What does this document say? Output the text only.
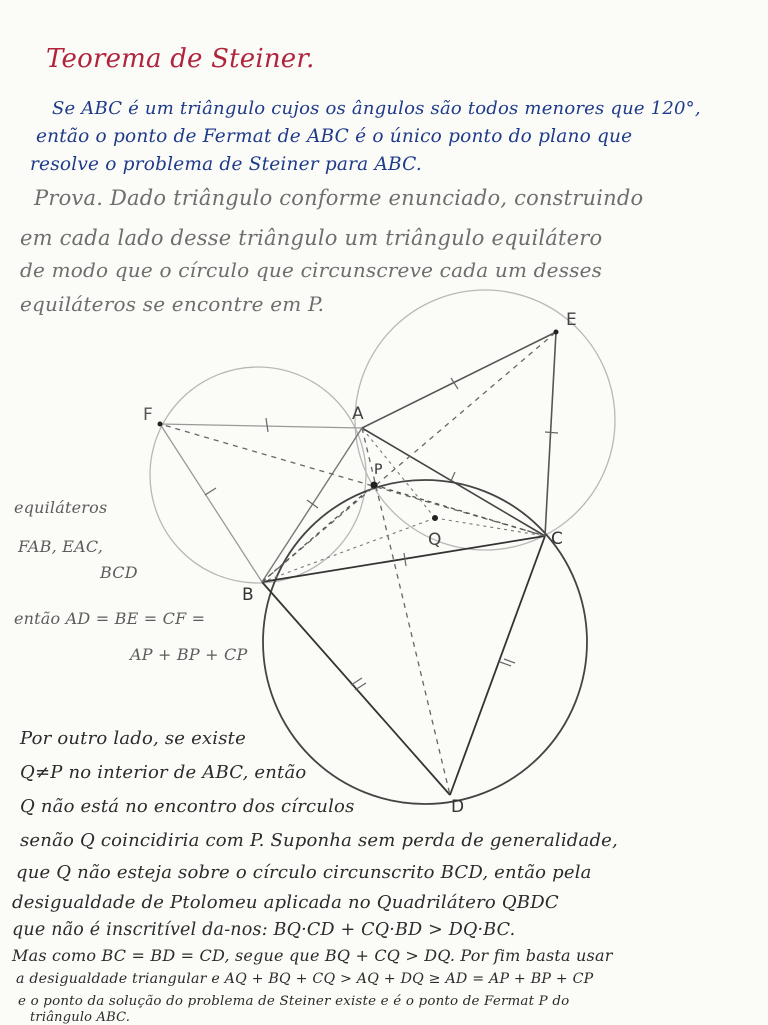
Teorema de Steiner.
Se ABC é um triângulo cujos os ângulos são todos menores que 120°,
então o ponto de Fermat de ABC é o único ponto do plano que
resolve o problema de Steiner para ABC.
Prova. Dado triângulo conforme enunciado, construindo
em cada lado desse triângulo um triângulo equilátero
de modo que o círculo que circunscreve cada um desses
equiláteros se encontre em P.
A
B
C
D
E
F
P
Q
equiláteros
FAB, EAC,
BCD
então AD = BE = CF =
AP + BP + CP
Por outro lado, se existe
Q≠P no interior de ABC, então
Q não está no encontro dos círculos
senão Q coincidiria com P. Suponha sem perda de generalidade,
que Q não esteja sobre o círculo circunscrito BCD, então pela
desigualdade de Ptolomeu aplicada no Quadrilátero QBDC
que não é inscritível da-nos: BQ·CD + CQ·BD > DQ·BC.
Mas como BC = BD = CD, segue que BQ + CQ > DQ. Por fim basta usar
a desigualdade triangular e AQ + BQ + CQ > AQ + DQ ≥ AD = AP + BP + CP
e o ponto da solução do problema de Steiner existe e é o ponto de Fermat P do
triângulo ABC.
